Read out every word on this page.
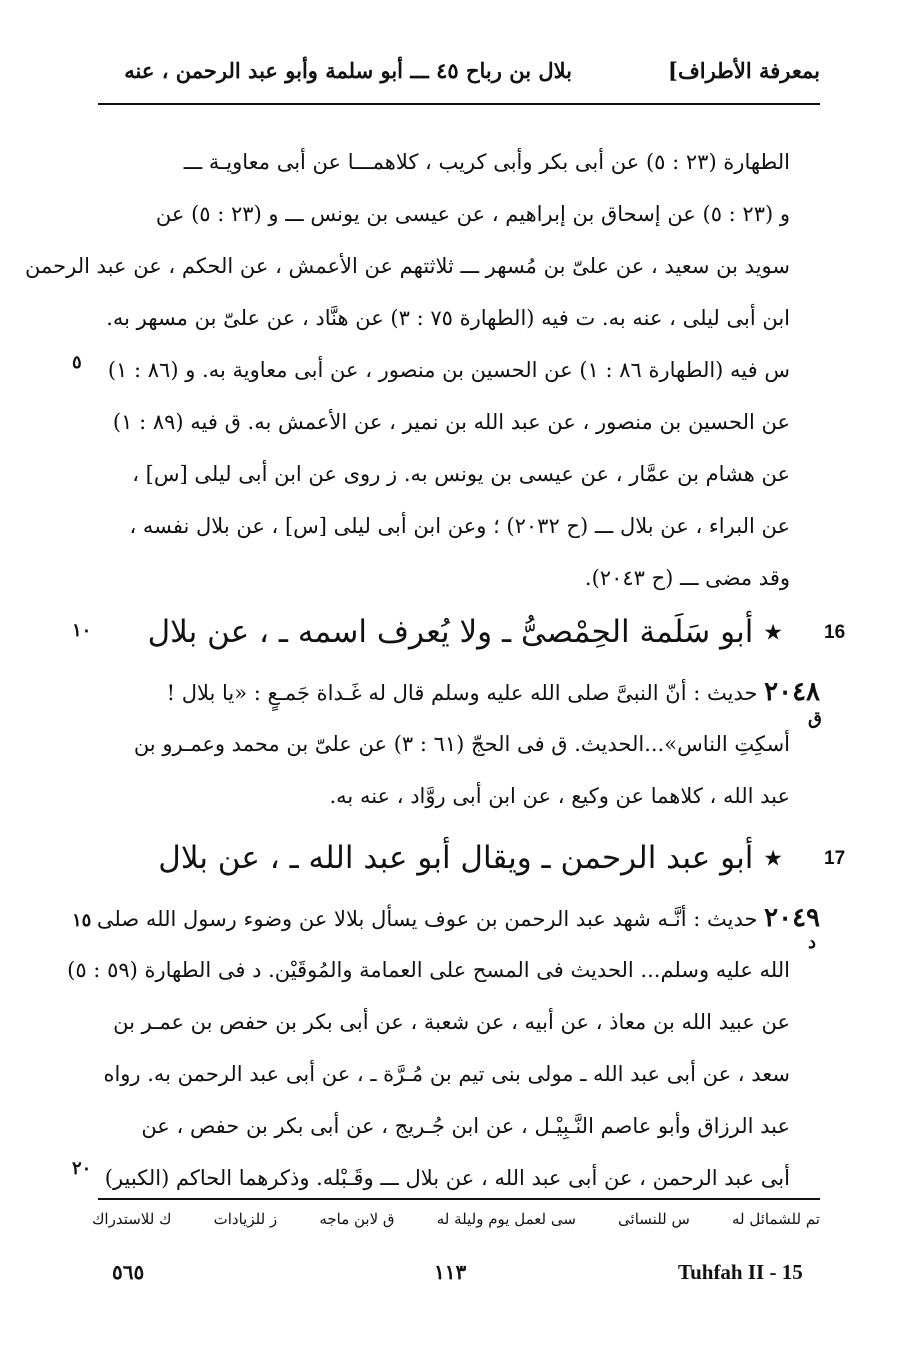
بمعرفة الأطراف]
بلال بن رباح ٤٥ ـــ أبو سلمة وأبو عبد الرحمن ، عنه
الطهارة (٢٣ : ٥) عن أبى بكر وأبى كريب ، كلاهمـــا عن أبى معاويـة ـــ
و (٢٣ : ٥) عن إسحاق بن إبراهيم ، عن عيسى بن يونس ـــ و (٢٣ : ٥) عن
سويد بن سعيد ، عن علىّ بن مُسهر ـــ ثلاثتهم عن الأعمش ، عن الحكم ، عن عبد الرحمن
ابن أبى ليلى ، عنه به. ت فيه (الطهارة ٧٥ : ٣) عن هنَّاد ، عن علىّ بن مسهر به.
س فيه (الطهارة ٨٦ : ١) عن الحسين بن منصور ، عن أبى معاوية به. و (٨٦ : ١)
عن الحسين بن منصور ، عن عبد الله بن نمير ، عن الأعمش به. ق فيه (٨٩ : ١)
عن هشام بن عمَّار ، عن عيسى بن يونس به. ز روى عن ابن أبى ليلى [س] ،
عن البراء ، عن بلال ـــ (ح ٢٠٣٢) ؛ وعن ابن أبى ليلى [س] ، عن بلال نفسه ،
وقد مضى ـــ (ح ٢٠٤٣).
٥
١٠
١٥
٢٠
16
★ أبو سَلَمة الحِمْصىُّ ـ ولا يُعرف اسمه ـ ، عن بلال
٢٠٤٨ حديث : أنّ النبىَّ صلى الله عليه وسلم قال له غَـداة جَمـعٍ : «يا بلال !
أسكِتِ الناس»...الحديث. ق فى الحجّ (٦١ : ٣) عن علىّ بن محمد وعمـرو بن
عبد الله ، كلاهما عن وكيع ، عن ابن أبى روَّاد ، عنه به.
ق
17
★ أبو عبد الرحمن ـ ويقال أبو عبد الله ـ ، عن بلال
٢٠٤٩ حديث : أنَّـه شهد عبد الرحمن بن عوف يسأل بلالا عن وضوء رسول الله صلى
الله عليه وسلم... الحديث فى المسح على العمامة والمُوقَيْن. د فى الطهارة (٥٩ : ٥)
عن عبيد الله بن معاذ ، عن أبيه ، عن شعبة ، عن أبى بكر بن حفص بن عمـر بن
سعد ، عن أبى عبد الله ـ مولى بنى تيم بن مُـرَّة ـ ، عن أبى عبد الرحمن به. رواه
عبد الرزاق وأبو عاصم النَّـبِيْـل ، عن ابن جُـريج ، عن أبى بكر بن حفص ، عن
أبى عبد الرحمن ، عن أبى عبد الله ، عن بلال ـــ وقَـبْله. وذكرهما الحاكم (الكبير)
د
تم للشمائل له
س للنسائى
سى لعمل يوم وليلة له
ق لابن ماجه
ز للزيادات
ك للاستدراك
٥٦٥	١١٣	Tuhfah II - 15
